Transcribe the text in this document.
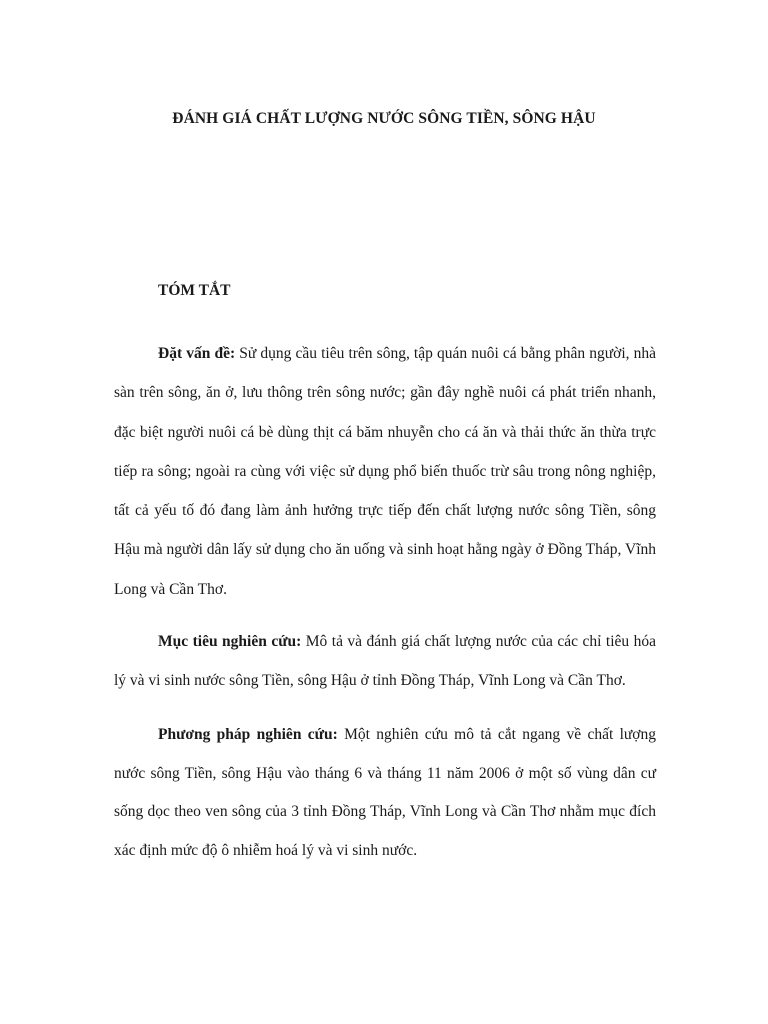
ĐÁNH GIÁ CHẤT LƯỢNG NƯỚC SÔNG TIỀN, SÔNG HẬU
TÓM TẮT

Đặt vấn đề: Sử dụng cầu tiêu trên sông, tập quán nuôi cá bằng phân người, nhà sàn trên sông, ăn ở, lưu thông trên sông nước; gần đây nghề nuôi cá phát triển nhanh, đặc biệt người nuôi cá bè dùng thịt cá băm nhuyễn cho cá ăn và thải thức ăn thừa trực tiếp ra sông; ngoài ra cùng với việc sử dụng phổ biến thuốc trừ sâu trong nông nghiệp, tất cả yếu tố đó đang làm ảnh hưởng trực tiếp đến chất lượng nước sông Tiền, sông Hậu mà người dân lấy sử dụng cho ăn uống và sinh hoạt hằng ngày ở Đồng Tháp, Vĩnh Long và Cần Thơ.

Mục tiêu nghiên cứu: Mô tả và đánh giá chất lượng nước của các chỉ tiêu hóa lý và vi sinh nước sông Tiền, sông Hậu ở tỉnh Đồng Tháp, Vĩnh Long và Cần Thơ.

Phương pháp nghiên cứu: Một nghiên cứu mô tả cắt ngang về chất lượng nước sông Tiền, sông Hậu vào tháng 6 và tháng 11 năm 2006 ở một số vùng dân cư sống dọc theo ven sông của 3 tỉnh Đồng Tháp, Vĩnh Long và Cần Thơ nhằm mục đích xác định mức độ ô nhiễm hoá lý và vi sinh nước.
